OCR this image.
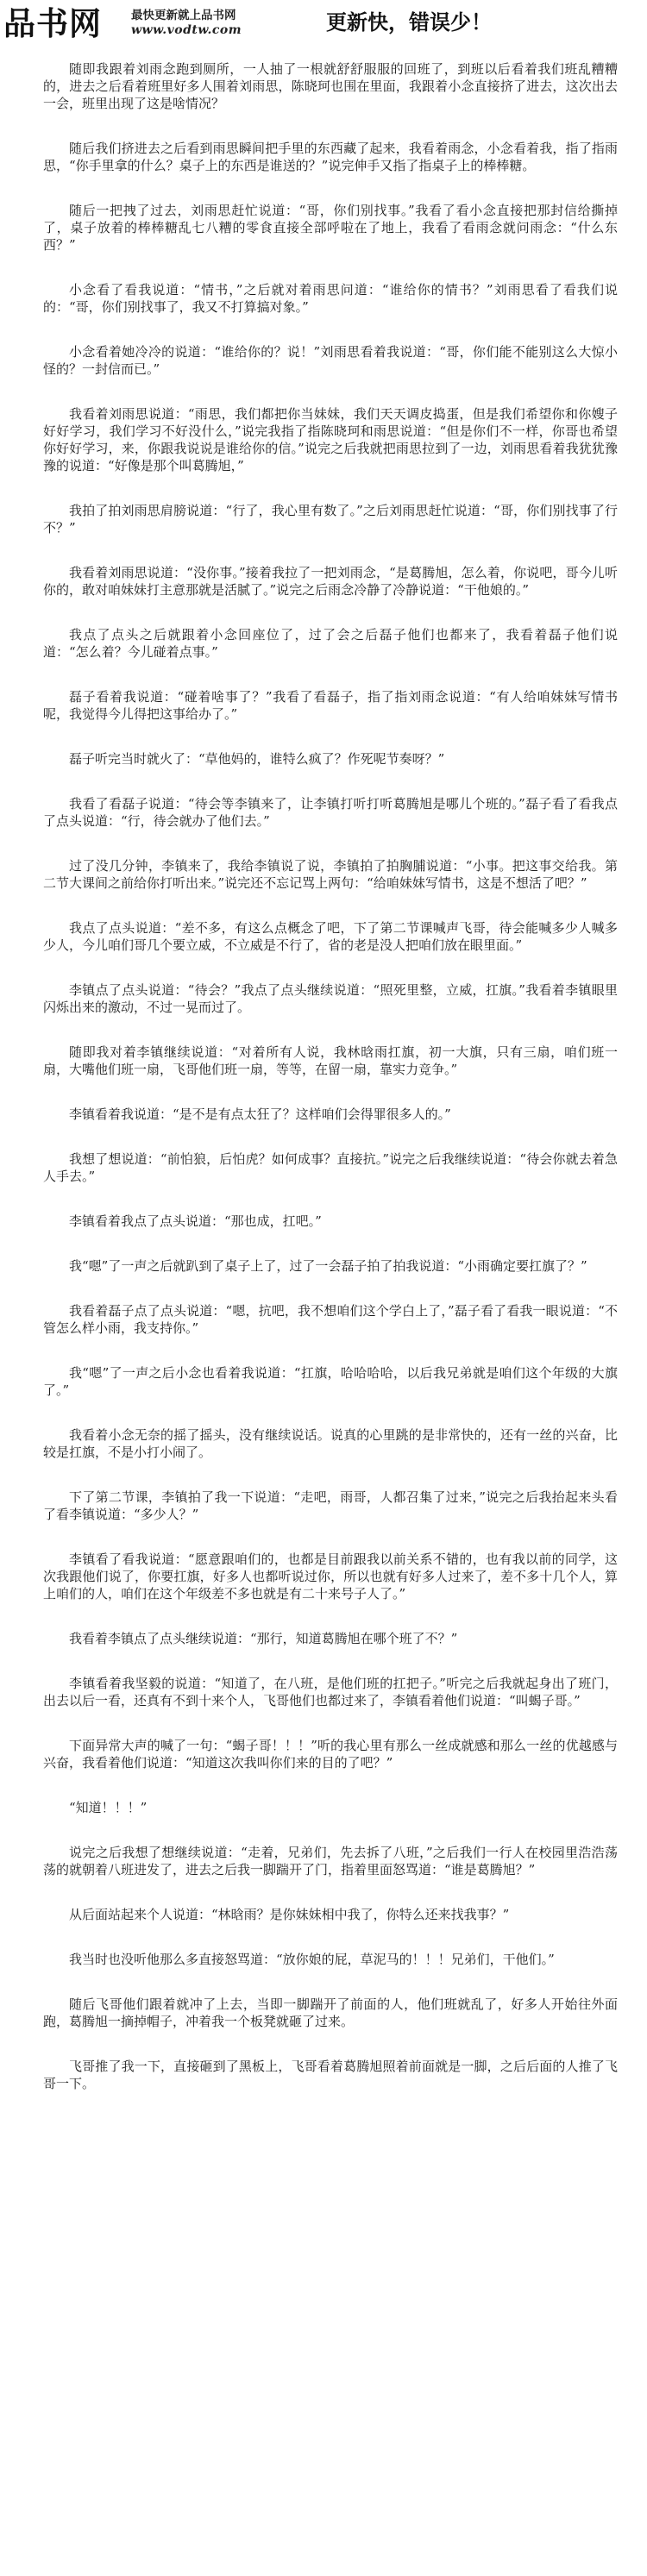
品书网	最快更新就上品书网
www.vodtw.com	更新快，错误少！

随即我跟着刘雨念跑到厕所，一人抽了一根就舒舒服服的回班了，到班以后看着我们班乱糟糟的，进去之后看着班里好多人围着刘雨思，陈晓珂也围在里面，我跟着小念直接挤了进去，这次出去一会，班里出现了这是啥情况？

随后我们挤进去之后看到雨思瞬间把手里的东西藏了起来，我看着雨念，小念看着我，指了指雨思，“你手里拿的什么？桌子上的东西是谁送的？”说完伸手又指了指桌子上的棒棒糖。

随后一把拽了过去，刘雨思赶忙说道：“哥，你们别找事。”我看了看小念直接把那封信给撕掉了，桌子放着的棒棒糖乱七八糟的零食直接全部呼啦在了地上，我看了看雨念就问雨念：“什么东西？”

小念看了看我说道：“情书，”之后就对着雨思问道：“谁给你的情书？”刘雨思看了看我们说的：“哥，你们别找事了，我又不打算搞对象。”

小念看着她冷冷的说道：“谁给你的？说！”刘雨思看着我说道：“哥，你们能不能别这么大惊小怪的？一封信而已。”

我看着刘雨思说道：“雨思，我们都把你当妹妹，我们天天调皮捣蛋，但是我们希望你和你嫂子好好学习，我们学习不好没什么，”说完我指了指陈晓珂和雨思说道：“但是你们不一样，你哥也希望你好好学习，来，你跟我说说是谁给你的信。”说完之后我就把雨思拉到了一边，刘雨思看着我犹犹豫豫的说道：“好像是那个叫葛腾旭，”

我拍了拍刘雨思肩膀说道：“行了，我心里有数了。”之后刘雨思赶忙说道：“哥，你们别找事了行不？”

我看着刘雨思说道：“没你事。”接着我拉了一把刘雨念，“是葛腾旭，怎么着，你说吧，哥今儿听你的，敢对咱妹妹打主意那就是活腻了。”说完之后雨念冷静了冷静说道：“干他娘的。”

我点了点头之后就跟着小念回座位了，过了会之后磊子他们也都来了，我看着磊子他们说道：“怎么着？今儿碰着点事。”

磊子看着我说道：“碰着啥事了？”我看了看磊子，指了指刘雨念说道：“有人给咱妹妹写情书呢，我觉得今儿得把这事给办了。”

磊子听完当时就火了：“草他妈的，谁特么疯了？作死呢节奏呀？”

我看了看磊子说道：“待会等李镇来了，让李镇打听打听葛腾旭是哪儿个班的。”磊子看了看我点了点头说道：“行，待会就办了他们去。”

过了没几分钟，李镇来了，我给李镇说了说，李镇拍了拍胸脯说道：“小事。把这事交给我。第二节大课间之前给你打听出来。”说完还不忘记骂上两句：“给咱妹妹写情书，这是不想活了吧？”

我点了点头说道：“差不多，有这么点概念了吧，下了第二节课喊声飞哥，待会能喊多少人喊多少人，今儿咱们哥几个要立威，不立威是不行了，省的老是没人把咱们放在眼里面。”

李镇点了点头说道：“待会？”我点了点头继续说道：“照死里整，立威，扛旗。”我看着李镇眼里闪烁出来的激动，不过一晃而过了。

随即我对着李镇继续说道：“对着所有人说，我林晗雨扛旗，初一大旗，只有三扇，咱们班一扇，大嘴他们班一扇，飞哥他们班一扇，等等，在留一扇，靠实力竞争。”

李镇看着我说道：“是不是有点太狂了？这样咱们会得罪很多人的。”

我想了想说道：“前怕狼，后怕虎？如何成事？直接抗。”说完之后我继续说道：“待会你就去着急人手去。”

李镇看着我点了点头说道：“那也成，扛吧。”

我“嗯”了一声之后就趴到了桌子上了，过了一会磊子拍了拍我说道：“小雨确定要扛旗了？”

我看着磊子点了点头说道：“嗯，抗吧，我不想咱们这个学白上了，”磊子看了看我一眼说道：“不管怎么样小雨，我支持你。”

我“嗯”了一声之后小念也看着我说道：“扛旗，哈哈哈哈，以后我兄弟就是咱们这个年级的大旗了。”

我看着小念无奈的摇了摇头，没有继续说话。说真的心里跳的是非常快的，还有一丝的兴奋，比较是扛旗，不是小打小闹了。

下了第二节课，李镇拍了我一下说道：“走吧，雨哥，人都召集了过来，”说完之后我抬起来头看了看李镇说道：“多少人？”

李镇看了看我说道：“愿意跟咱们的，也都是目前跟我以前关系不错的，也有我以前的同学，这次我跟他们说了，你要扛旗，好多人也都听说过你，所以也就有好多人过来了，差不多十几个人，算上咱们的人，咱们在这个年级差不多也就是有二十来号子人了。”

我看着李镇点了点头继续说道：“那行，知道葛腾旭在哪个班了不？”

李镇看着我坚毅的说道：“知道了，在八班，是他们班的扛把子。”听完之后我就起身出了班门，出去以后一看，还真有不到十来个人，飞哥他们也都过来了，李镇看着他们说道：“叫蝎子哥。”

下面异常大声的喊了一句：“蝎子哥！！！”听的我心里有那么一丝成就感和那么一丝的优越感与兴奋，我看着他们说道：“知道这次我叫你们来的目的了吧？”

“知道！！！”

说完之后我想了想继续说道：“走着，兄弟们，先去拆了八班，”之后我们一行人在校园里浩浩荡荡的就朝着八班进发了，进去之后我一脚踹开了门，指着里面怒骂道：“谁是葛腾旭？”

从后面站起来个人说道：“林晗雨？是你妹妹相中我了，你特么还来找我事？”

我当时也没听他那么多直接怒骂道：“放你娘的屁，草泥马的！！！兄弟们，干他们。”

随后飞哥他们跟着就冲了上去，当即一脚踹开了前面的人，他们班就乱了，好多人开始往外面跑，葛腾旭一摘掉帽子，冲着我一个板凳就砸了过来。

飞哥推了我一下，直接砸到了黑板上，飞哥看着葛腾旭照着前面就是一脚，之后后面的人推了飞哥一下。
